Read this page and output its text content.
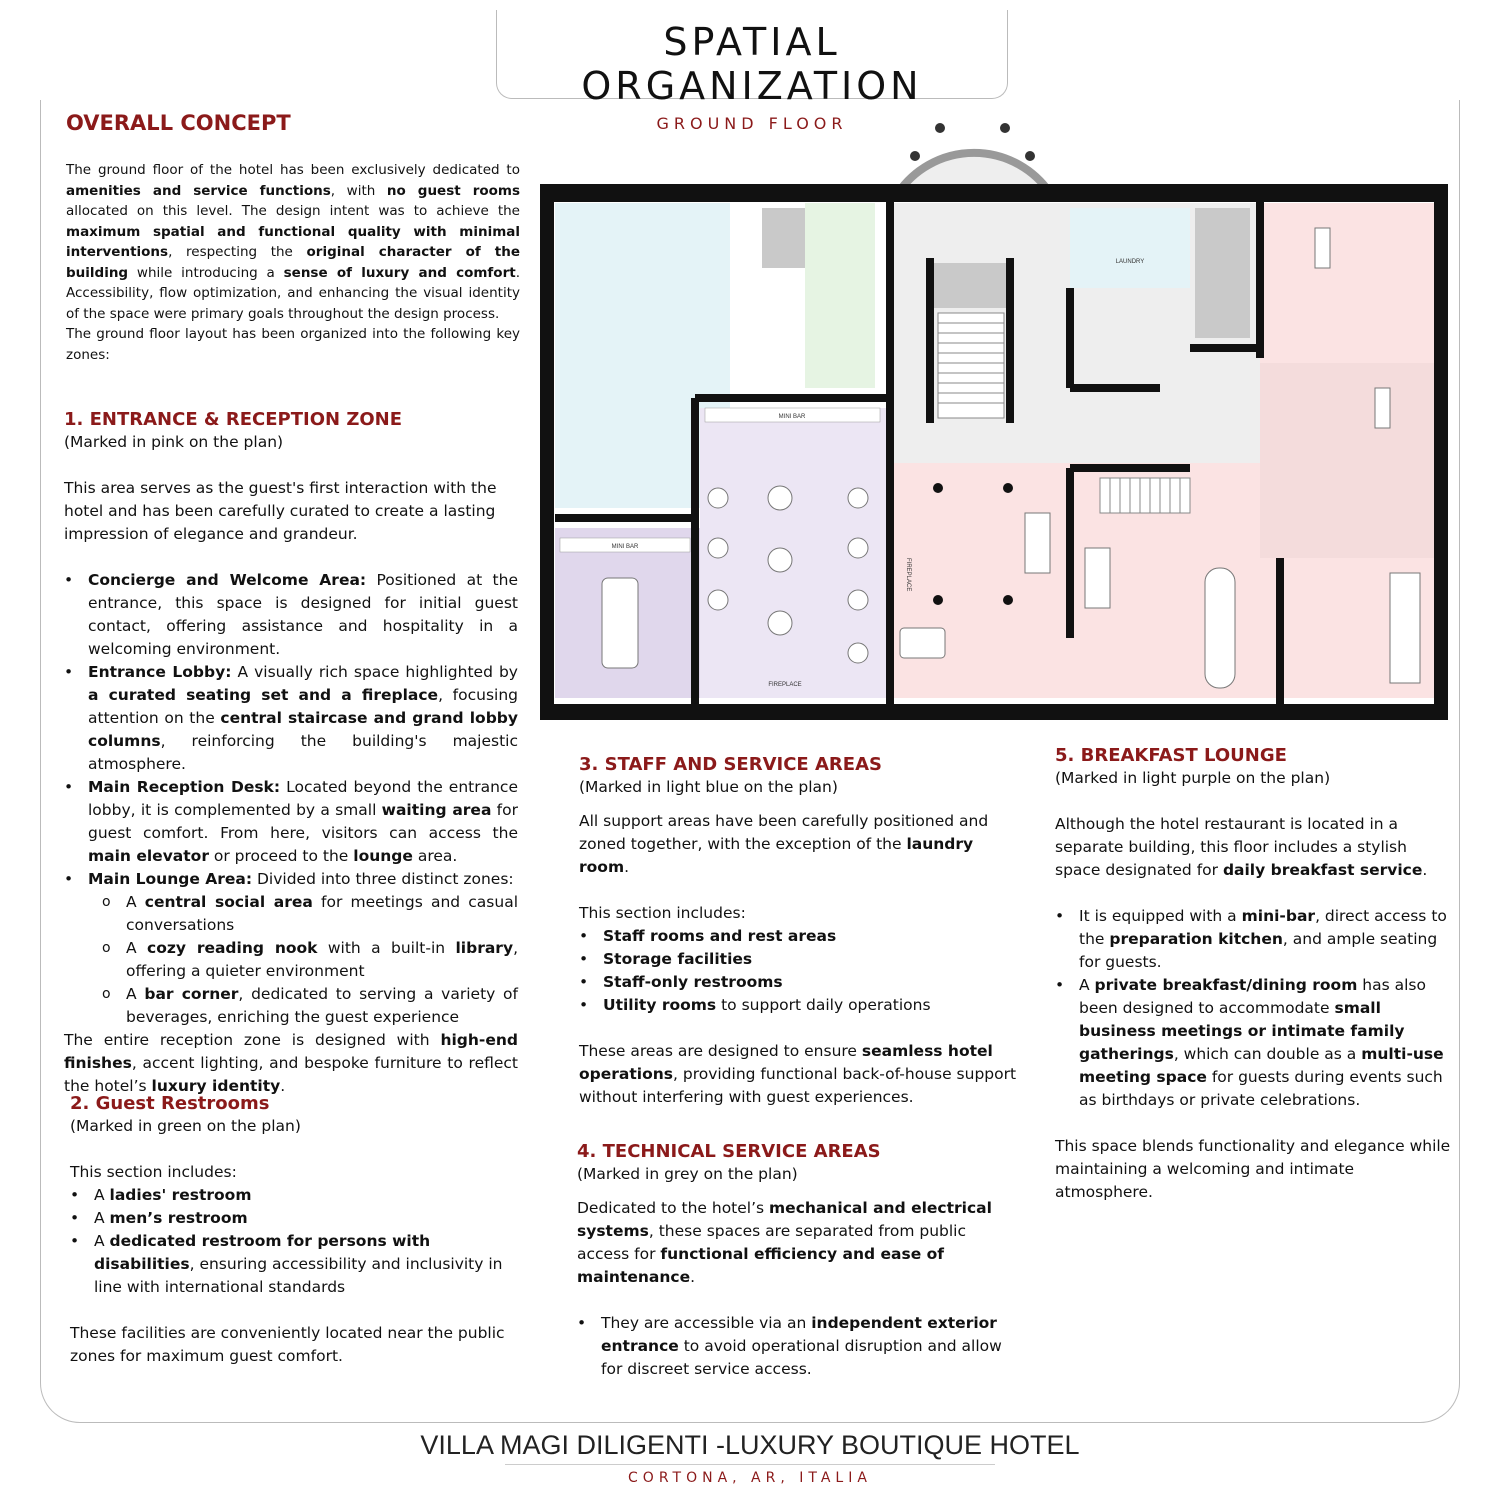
SPATIAL ORGANIZATION
GROUND FLOOR

OVERALL CONCEPT

The ground floor of the hotel has been exclusively dedicated to amenities and service functions, with no guest rooms allocated on this level. The design intent was to achieve the maximum spatial and functional quality with minimal interventions, respecting the original character of the building while introducing a sense of luxury and comfort. Accessibility, flow optimization, and enhancing the visual identity of the space were primary goals throughout the design process.

The ground floor layout has been organized into the following key zones:

1. ENTRANCE & RECEPTION ZONE

(Marked in pink on the plan)

This area serves as the guest's first interaction with the hotel and has been carefully curated to create a lasting impression of elegance and grandeur.

• Concierge and Welcome Area: Positioned at the entrance, this space is designed for initial guest contact, offering assistance and hospitality in a welcoming environment.
• Entrance Lobby: A visually rich space highlighted by a curated seating set and a fireplace, focusing attention on the central staircase and grand lobby columns, reinforcing the building's majestic atmosphere.
• Main Reception Desk: Located beyond the entrance lobby, it is complemented by a small waiting area for guest comfort. From here, visitors can access the main elevator or proceed to the lounge area.
• Main Lounge Area: Divided into three distinct zones:
o A central social area for meetings and casual conversations
o A cozy reading nook with a built-in library, offering a quieter environment
o A bar corner, dedicated to serving a variety of beverages, enriching the guest experience

The entire reception zone is designed with high-end finishes, accent lighting, and bespoke furniture to reflect the hotel’s luxury identity.

2. Guest Restrooms

(Marked in green on the plan)

This section includes:

• A ladies' restroom
• A men’s restroom
• A dedicated restroom for persons with disabilities, ensuring accessibility and inclusivity in line with international standards

These facilities are conveniently located near the public zones for maximum guest comfort.

3. STAFF AND SERVICE AREAS

(Marked in light blue on the plan)

All support areas have been carefully positioned and zoned together, with the exception of the laundry room.

This section includes:

• Staff rooms and rest areas
• Storage facilities
• Staff-only restrooms
• Utility rooms to support daily operations

These areas are designed to ensure seamless hotel operations, providing functional back-of-house support without interfering with guest experiences.

4. TECHNICAL SERVICE AREAS

(Marked in grey on the plan)

Dedicated to the hotel’s mechanical and electrical systems, these spaces are separated from public access for functional efficiency and ease of maintenance.

• They are accessible via an independent exterior entrance to avoid operational disruption and allow for discreet service access.

5. BREAKFAST LOUNGE

(Marked in light purple on the plan)

Although the hotel restaurant is located in a separate building, this floor includes a stylish space designated for daily breakfast service.

• It is equipped with a mini-bar, direct access to the preparation kitchen, and ample seating for guests.
• A private breakfast/dining room has also been designed to accommodate small business meetings or intimate family gatherings, which can double as a multi-use meeting space for guests during events such as birthdays or private celebrations.

This space blends functionality and elegance while maintaining a welcoming and intimate atmosphere.

MINI BAR
MINI BAR
FIREPLACE
FIREPLACE
LAUNDRY
VILLA MAGI DILIGENTI -LUXURY BOUTIQUE HOTEL
CORTONA, AR, ITALIA
